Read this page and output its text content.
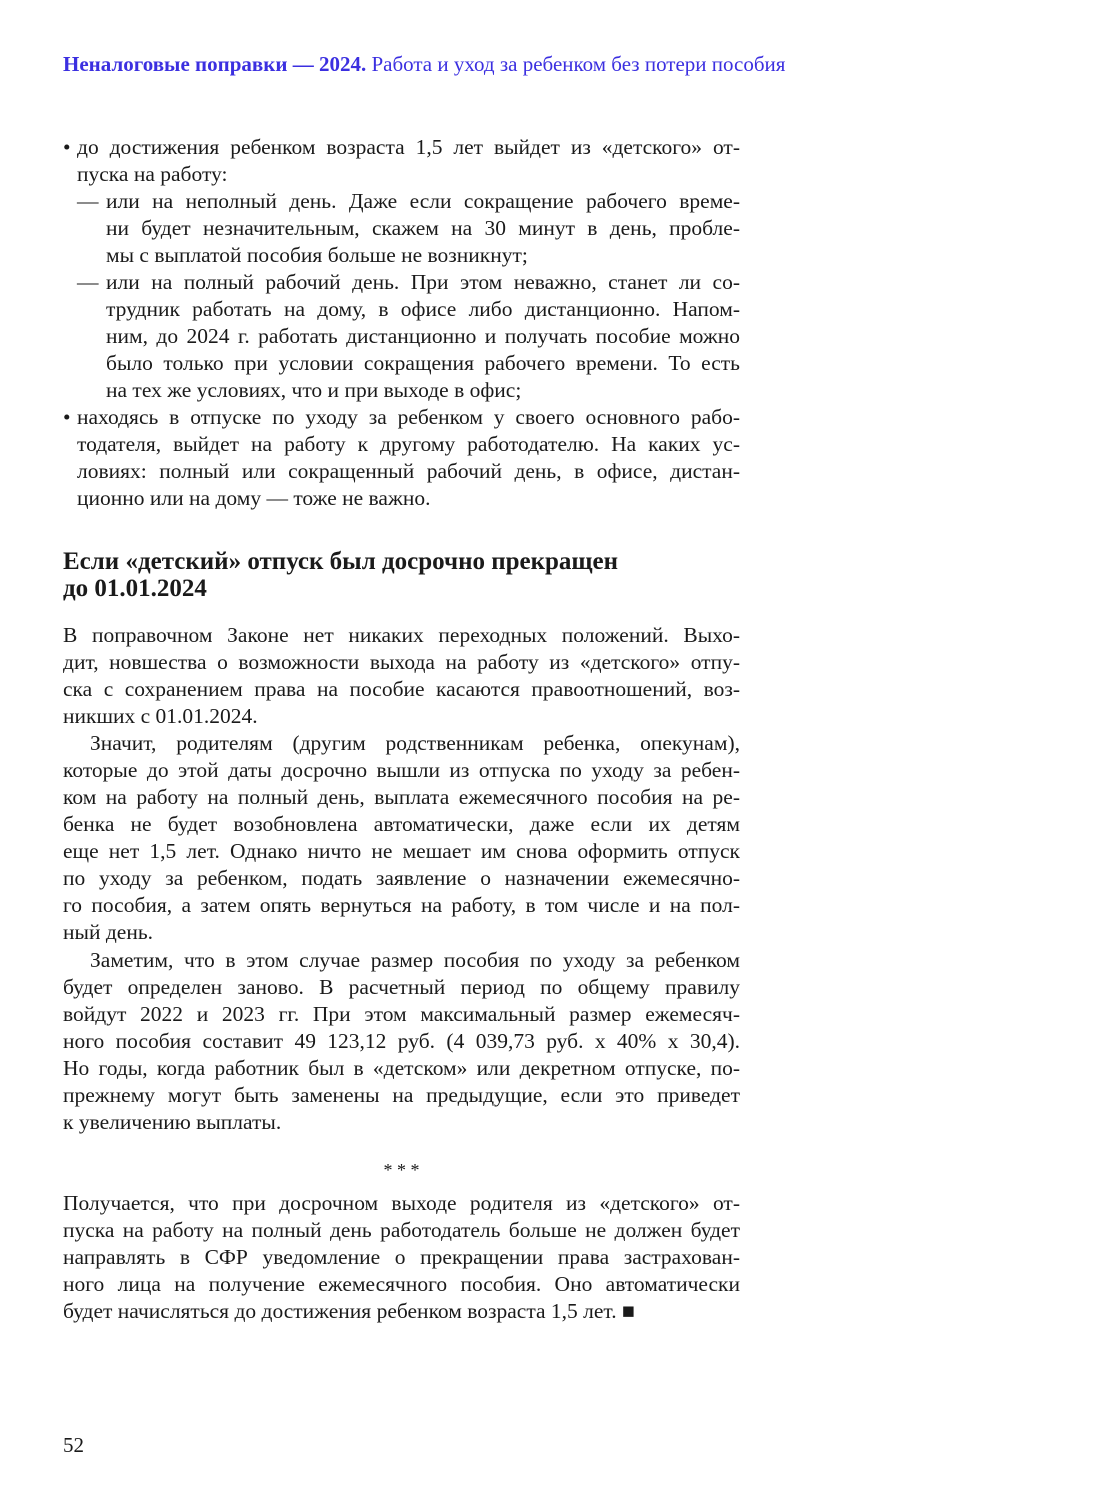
Неналоговые поправки — 2024. Работа и уход за ребенком без потери пособия
• до достижения ребенком возраста 1,5 лет выйдет из «детского» от-
пуска на работу:
— или на неполный день. Даже если сокращение рабочего време-
ни будет незначительным, скажем на 30 минут в день, пробле-
мы с выплатой пособия больше не возникнут;
— или на полный рабочий день. При этом неважно, станет ли со-
трудник работать на дому, в офисе либо дистанционно. Напом-
ним, до 2024 г. работать дистанционно и получать пособие можно
было только при условии сокращения рабочего времени. То есть
на тех же условиях, что и при выходе в офис;
• находясь в отпуске по уходу за ребенком у своего основного рабо-
тодателя, выйдет на работу к другому работодателю. На каких ус-
ловиях: полный или сокращенный рабочий день, в офисе, дистан-
ционно или на дому — тоже не важно.
Если «детский» отпуск был досрочно прекращен
до 01.01.2024
В поправочном Законе нет никаких переходных положений. Выхо-
дит, новшества о возможности выхода на работу из «детского» отпу-
ска с сохранением права на пособие касаются правоотношений, воз-
никших с 01.01.2024.
Значит, родителям (другим родственникам ребенка, опекунам),
которые до этой даты досрочно вышли из отпуска по уходу за ребен-
ком на работу на полный день, выплата ежемесячного пособия на ре-
бенка не будет возобновлена автоматически, даже если их детям
еще нет 1,5 лет. Однако ничто не мешает им снова оформить отпуск
по уходу за ребенком, подать заявление о назначении ежемесячно-
го пособия, а затем опять вернуться на работу, в том числе и на пол-
ный день.
Заметим, что в этом случае размер пособия по уходу за ребенком
будет определен заново. В расчетный период по общему правилу
войдут 2022 и 2023 гг. При этом максимальный размер ежемесяч-
ного пособия составит 49 123,12 руб. (4 039,73 руб. х 40% х 30,4).
Но годы, когда работник был в «детском» или декретном отпуске, по-
прежнему могут быть заменены на предыдущие, если это приведет
к увеличению выплаты.
* * *
Получается, что при досрочном выходе родителя из «детского» от-
пуска на работу на полный день работодатель больше не должен будет
направлять в СФР уведомление о прекращении права застрахован-
ного лица на получение ежемесячного пособия. Оно автоматически
будет начисляться до достижения ребенком возраста 1,5 лет. ■
52
